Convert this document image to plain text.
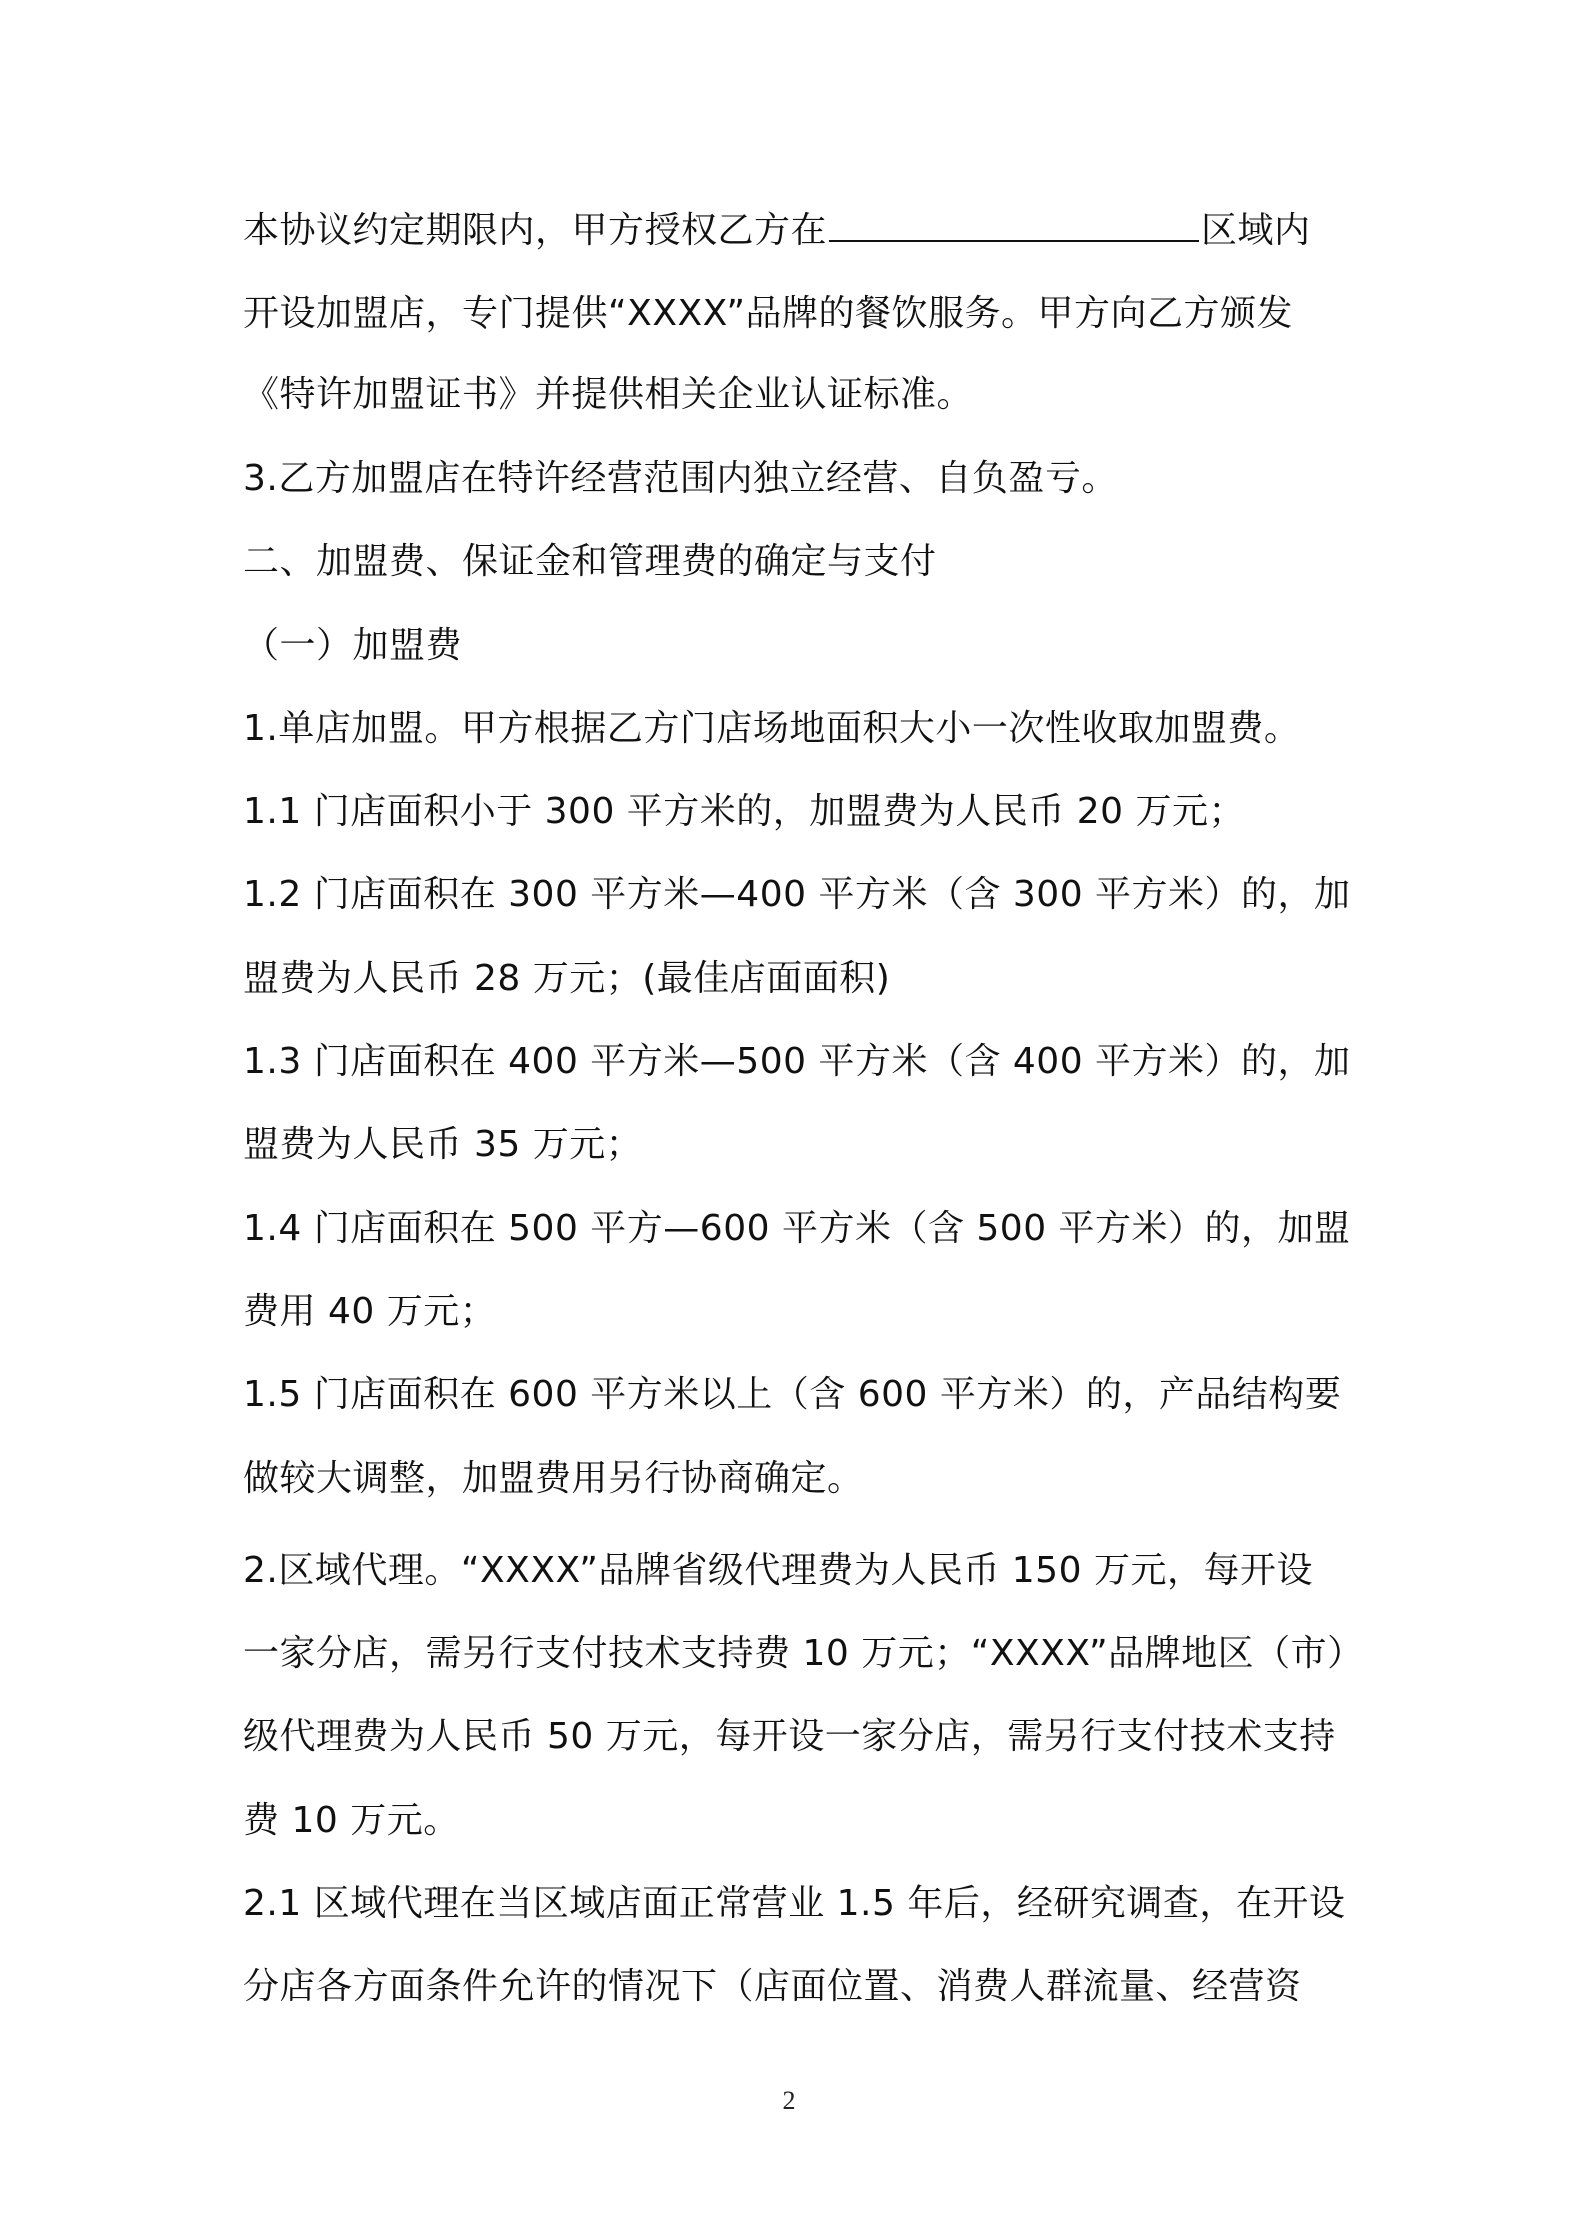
本协议约定期限内，甲方授权乙方在	区域内
开设加盟店，专门提供“XXXX”品牌的餐饮服务。甲方向乙方颁发
《特许加盟证书》并提供相关企业认证标准。
3.乙方加盟店在特许经营范围内独立经营、自负盈亏。
二、加盟费、保证金和管理费的确定与支付
（一）加盟费
1.单店加盟。甲方根据乙方门店场地面积大小一次性收取加盟费。
1.1 门店面积小于 300 平方米的，加盟费为人民币 20 万元；
1.2 门店面积在 300 平方米—400 平方米（含 300 平方米）的，加
盟费为人民币 28 万元；(最佳店面面积)
1.3 门店面积在 400 平方米—500 平方米（含 400 平方米）的，加
盟费为人民币 35 万元；
1.4 门店面积在 500 平方—600 平方米（含 500 平方米）的，加盟
费用 40 万元；
1.5 门店面积在 600 平方米以上（含 600 平方米）的，产品结构要
做较大调整，加盟费用另行协商确定。
2.区域代理。“XXXX”品牌省级代理费为人民币 150 万元，每开设
一家分店，需另行支付技术支持费 10 万元；“XXXX”品牌地区（市）
级代理费为人民币 50 万元，每开设一家分店，需另行支付技术支持
费 10 万元。
2.1 区域代理在当区域店面正常营业 1.5 年后，经研究调查，在开设
分店各方面条件允许的情况下（店面位置、消费人群流量、经营资
2
